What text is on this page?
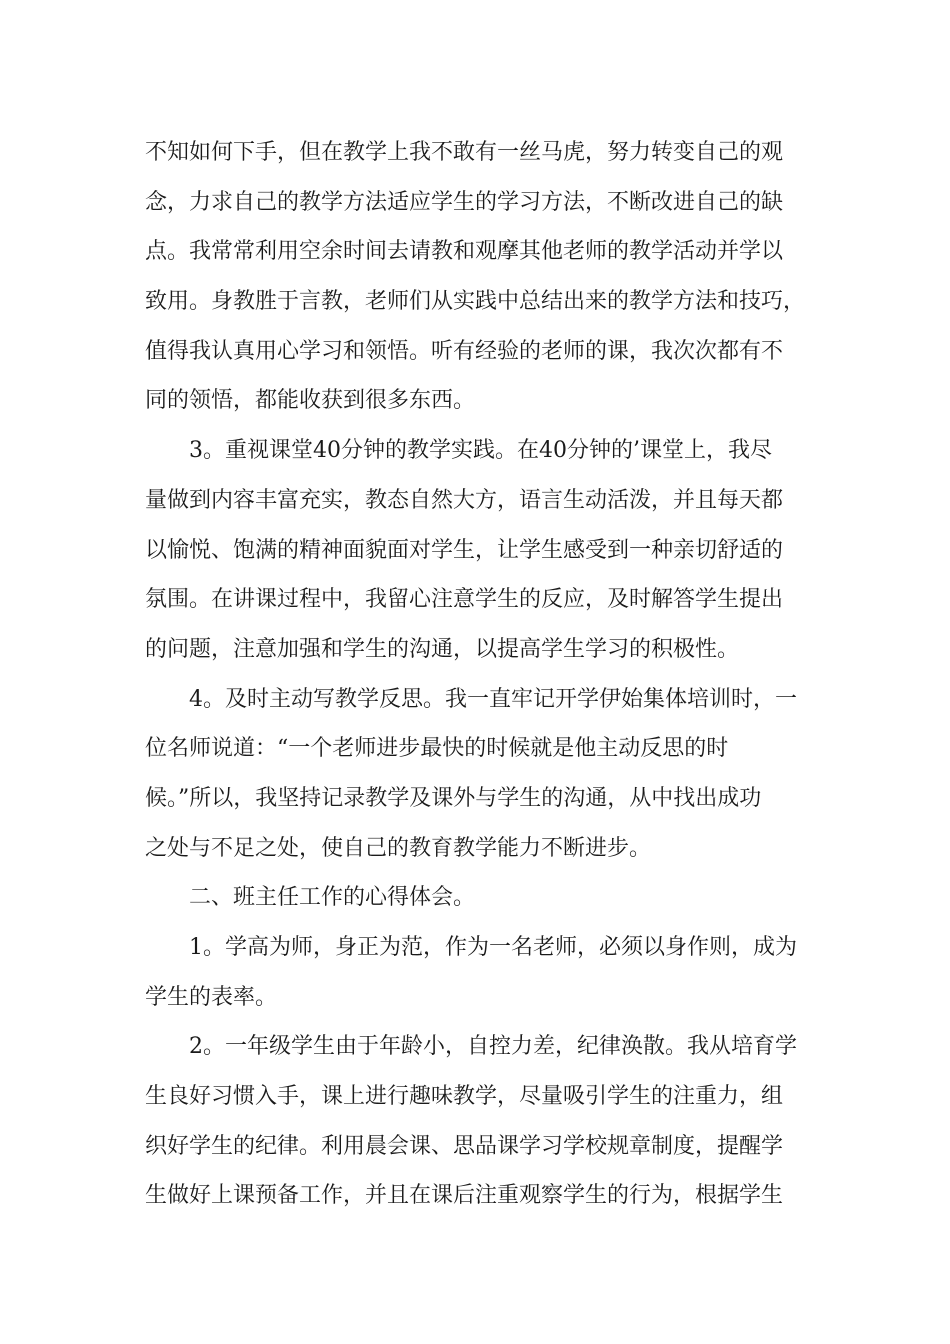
不知如何下手，但在教学上我不敢有一丝马虎，努力转变自己的观
念，力求自己的教学方法适应学生的学习方法，不断改进自己的缺
点。我常常利用空余时间去请教和观摩其他老师的教学活动并学以
致用。身教胜于言教，老师们从实践中总结出来的教学方法和技巧，
值得我认真用心学习和领悟。听有经验的老师的课，我次次都有不
同的领悟，都能收获到很多东西。
3。重视课堂40分钟的教学实践。在40分钟的’课堂上，我尽
量做到内容丰富充实，教态自然大方，语言生动活泼，并且每天都
以愉悦、饱满的精神面貌面对学生，让学生感受到一种亲切舒适的
氛围。在讲课过程中，我留心注意学生的反应，及时解答学生提出
的问题，注意加强和学生的沟通，以提高学生学习的积极性。
4。及时主动写教学反思。我一直牢记开学伊始集体培训时，一
位名师说道：“一个老师进步最快的时候就是他主动反思的时
候。”所以，我坚持记录教学及课外与学生的沟通，从中找出成功
之处与不足之处，使自己的教育教学能力不断进步。
二、班主任工作的心得体会。
1。学高为师，身正为范，作为一名老师，必须以身作则，成为
学生的表率。
2。一年级学生由于年龄小，自控力差，纪律涣散。我从培育学
生良好习惯入手，课上进行趣味教学，尽量吸引学生的注重力，组
织好学生的纪律。利用晨会课、思品课学习学校规章制度，提醒学
生做好上课预备工作，并且在课后注重观察学生的行为，根据学生
